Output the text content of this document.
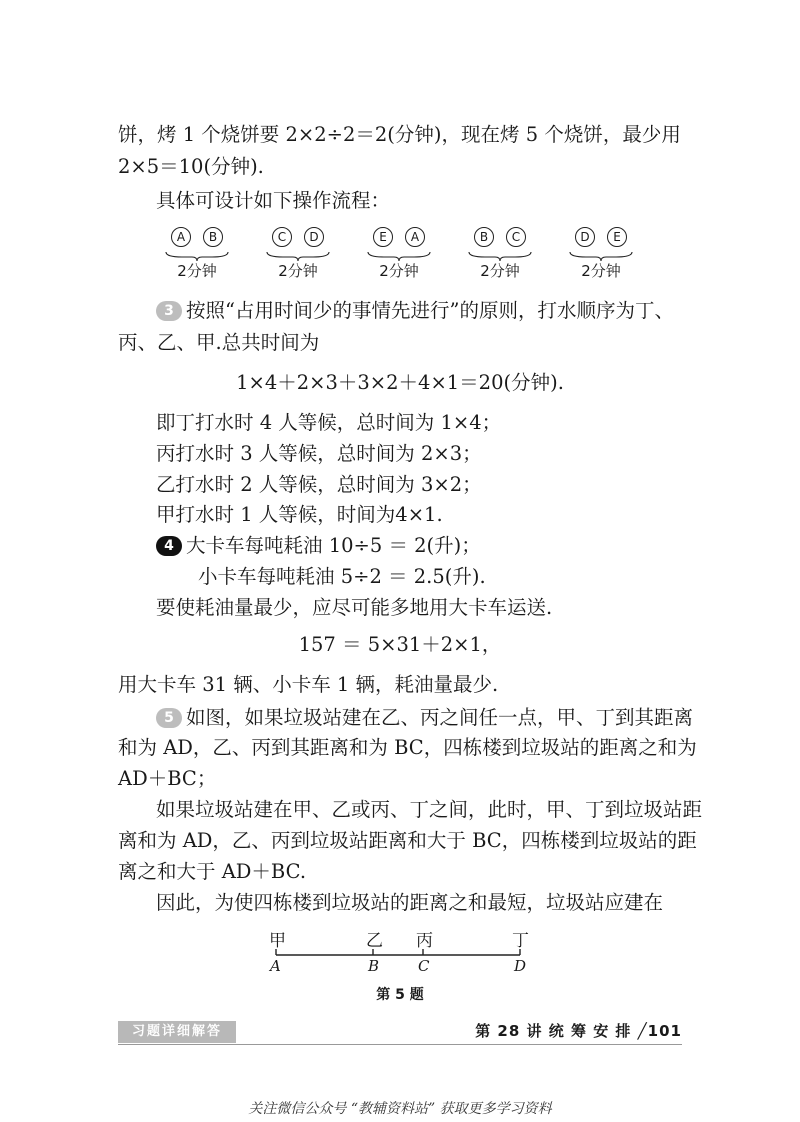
饼，烤 1 个烧饼要 2×2÷2＝2(分钟)，现在烤 5 个烧饼，最少用
2×5＝10(分钟).
具体可设计如下操作流程：
A B
2分钟
C D
2分钟
E A
2分钟
B C
2分钟
D E
2分钟
3 按照“占用时间少的事情先进行”的原则，打水顺序为丁、
丙、乙、甲.总共时间为
1×4＋2×3＋3×2＋4×1＝20(分钟).
即丁打水时 4 人等候，总时间为 1×4；
丙打水时 3 人等候，总时间为 2×3；
乙打水时 2 人等候，总时间为 3×2；
甲打水时 1 人等候，时间为4×1.
4 大卡车每吨耗油 10÷5 ＝ 2(升)；
小卡车每吨耗油 5÷2 ＝ 2.5(升).
要使耗油量最少，应尽可能多地用大卡车运送.
157 ＝ 5×31＋2×1，
用大卡车 31 辆、小卡车 1 辆，耗油量最少.
5 如图，如果垃圾站建在乙、丙之间任一点，甲、丁到其距离
和为 AD，乙、丙到其距离和为 BC，四栋楼到垃圾站的距离之和为
AD＋BC；
如果垃圾站建在甲、乙或丙、丁之间，此时，甲、丁到垃圾站距
离和为 AD，乙、丙到垃圾站距离和大于 BC，四栋楼到垃圾站的距
离之和大于 AD＋BC.
因此，为使四栋楼到垃圾站的距离之和最短，垃圾站应建在
甲	乙 丙	丁
A	B	C	D
第 5 题
习题详细解答	第 28 讲 统 筹 安 排 ╱101
关注微信公众号 “教辅资料站” 获取更多学习资料
